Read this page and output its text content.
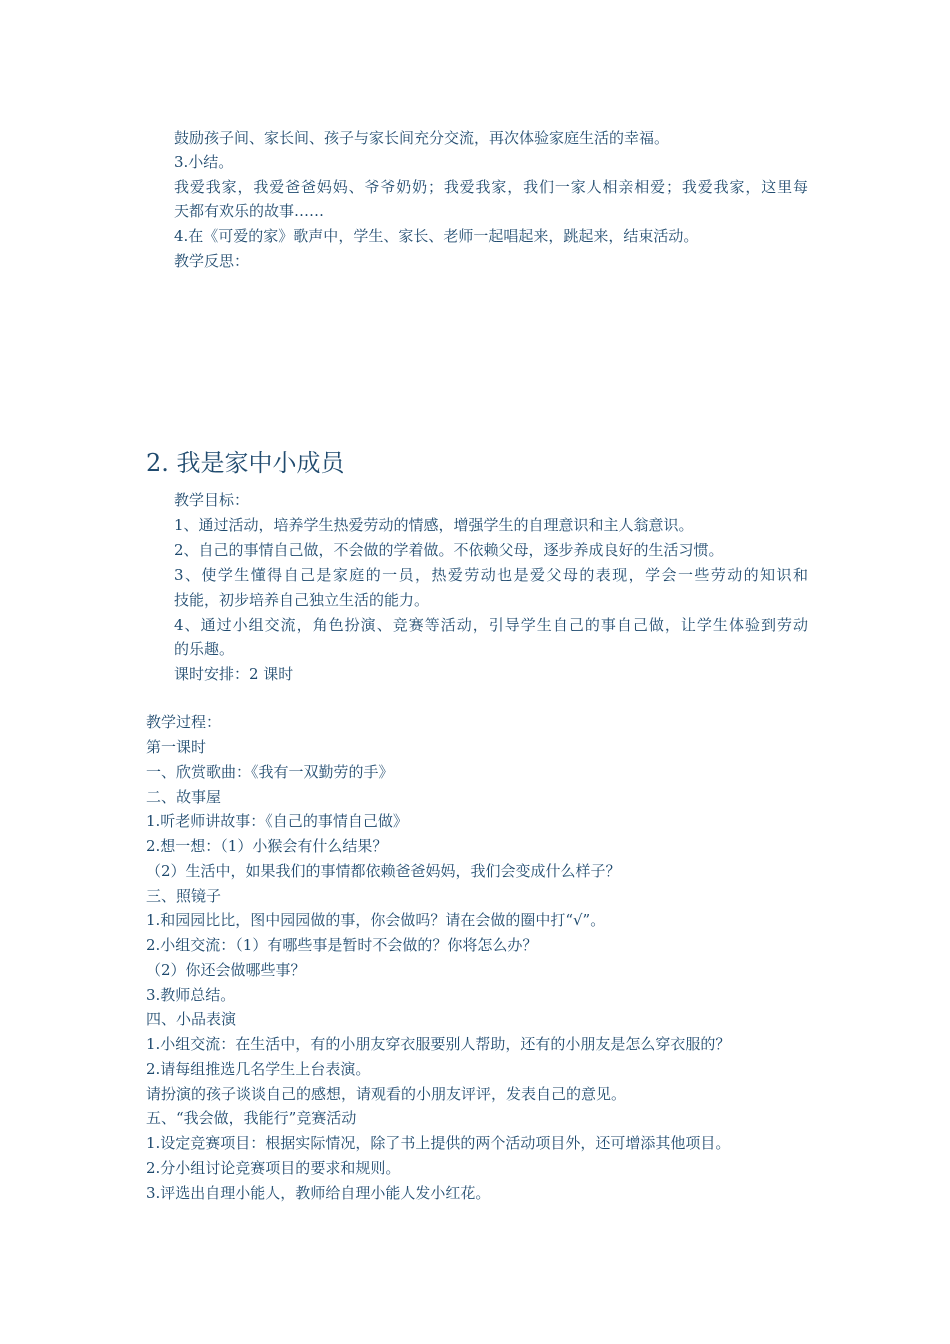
鼓励孩子间、家长间、孩子与家长间充分交流，再次体验家庭生活的幸福。
3.小结。
我爱我家，我爱爸爸妈妈、爷爷奶奶；我爱我家，我们一家人相亲相爱；我爱我家，这里每
天都有欢乐的故事……
4.在《可爱的家》歌声中，学生、家长、老师一起唱起来，跳起来，结束活动。
教学反思：
2. 我是家中小成员
教学目标：
1、通过活动，培养学生热爱劳动的情感，增强学生的自理意识和主人翁意识。
2、自己的事情自己做，不会做的学着做。不依赖父母，逐步养成良好的生活习惯。
3、使学生懂得自己是家庭的一员，热爱劳动也是爱父母的表现，学会一些劳动的知识和
技能，初步培养自己独立生活的能力。
4、通过小组交流，角色扮演、竞赛等活动，引导学生自己的事自己做，让学生体验到劳动
的乐趣。
课时安排：2 课时
教学过程：
第一课时
一、欣赏歌曲：《我有一双勤劳的手》
二、故事屋
1.听老师讲故事：《自己的事情自己做》
2.想一想：（1）小猴会有什么结果？
（2）生活中，如果我们的事情都依赖爸爸妈妈，我们会变成什么样子？
三、照镜子
1.和园园比比，图中园园做的事，你会做吗？请在会做的圈中打“√”。
2.小组交流：（1）有哪些事是暂时不会做的？你将怎么办？
（2）你还会做哪些事？
3.教师总结。
四、小品表演
1.小组交流：在生活中，有的小朋友穿衣服要别人帮助，还有的小朋友是怎么穿衣服的？
2.请每组推选几名学生上台表演。
请扮演的孩子谈谈自己的感想，请观看的小朋友评评，发表自己的意见。
五、“我会做，我能行”竞赛活动
1.设定竞赛项目：根据实际情况，除了书上提供的两个活动项目外，还可增添其他项目。
2.分小组讨论竞赛项目的要求和规则。
3.评选出自理小能人，教师给自理小能人发小红花。
